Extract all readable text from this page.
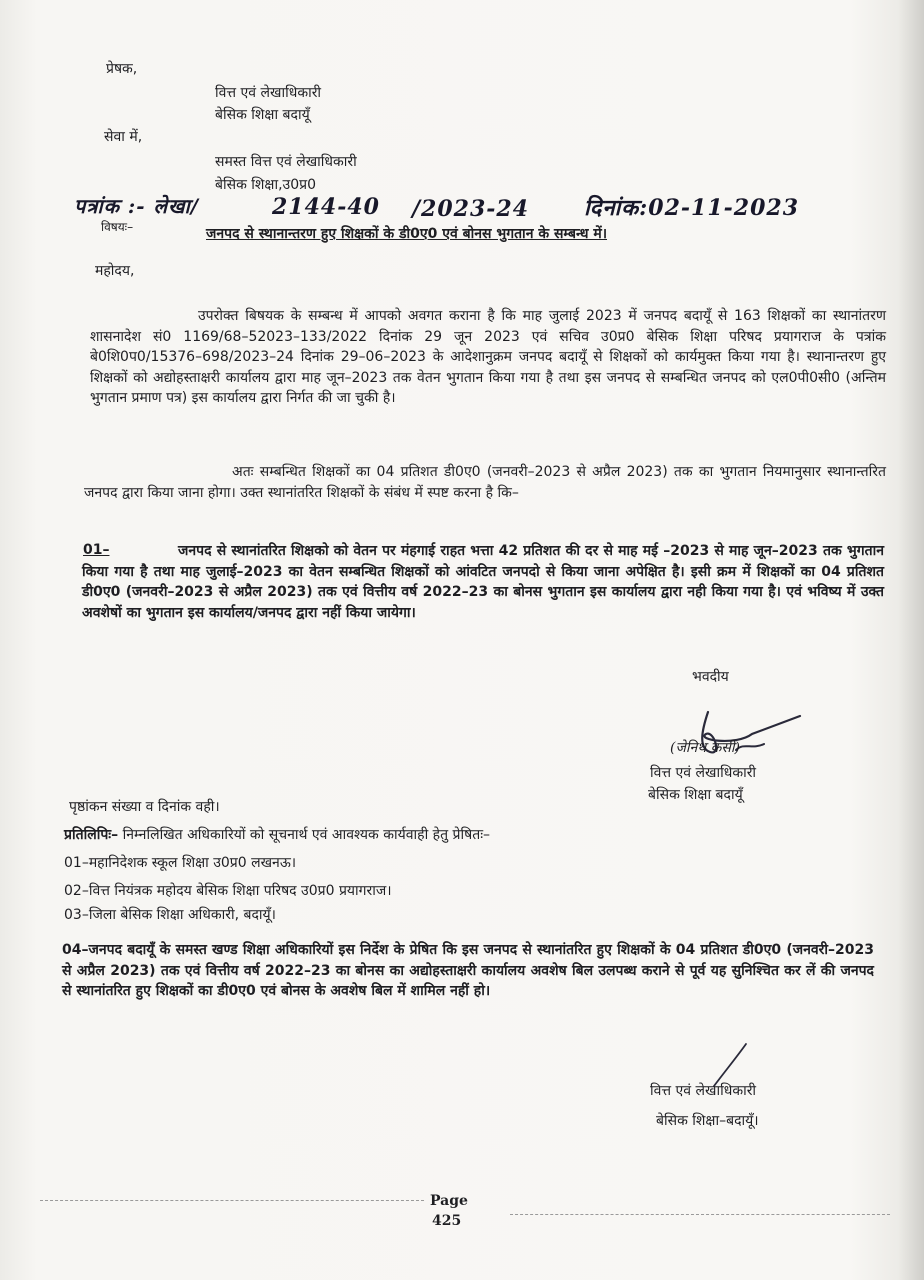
प्रेषक,
वित्त एवं लेखाधिकारी
बेसिक शिक्षा बदायूँ
सेवा में,
समस्त वित्त एवं लेखाधिकारी
बेसिक शिक्षा,उ0प्र0
पत्रांक :- लेखा/	2144-40 /2023-24 दिनांक:02-11-2023
विषयः–	जनपद से स्थानान्तरण हुए शिक्षकों के डी0ए0 एवं बोनस भुगतान के सम्बन्ध में।
महोदय,
उपरोक्त बिषयक के सम्बन्ध में आपको अवगत कराना है कि माह जुलाई 2023 में जनपद बदायूँ से 163 शिक्षकों का स्थानांतरण शासनादेश सं0 1169/68–52023–133/2022 दिनांक 29 जून 2023 एवं सचिव उ0प्र0 बेसिक शिक्षा परिषद प्रयागराज के पत्रांक बे0शि0प0/15376–698/2023–24 दिनांक 29–06–2023 के आदेशानुक्रम जनपद बदायूँ से शिक्षकों को कार्यमुक्त किया गया है। स्थानान्तरण हुए शिक्षकों को अद्योहस्ताक्षरी कार्यालय द्वारा माह जून–2023 तक वेतन भुगतान किया गया है तथा इस जनपद से सम्बन्धित जनपद को एल0पी0सी0 (अन्तिम भुगतान प्रमाण पत्र) इस कार्यालय द्वारा निर्गत की जा चुकी है।
अतः सम्बन्धित शिक्षकों का 04 प्रतिशत डी0ए0 (जनवरी–2023 से अप्रैल 2023) तक का भुगतान नियमानुसार स्थानान्तरित जनपद द्वारा किया जाना होगा। उक्त स्थानांतरित शिक्षकों के संबंध में स्पष्ट करना है कि–
01–	जनपद से स्थानांतरित शिक्षको को वेतन पर मंहगाई राहत भत्ता 42 प्रतिशत की दर से माह मई –2023 से माह जून–2023 तक भुगतान किया गया है तथा माह जुलाई–2023 का वेतन सम्बन्धित शिक्षकों को आंवटित जनपदो से किया जाना अपेक्षित है। इसी क्रम में शिक्षकों का 04 प्रतिशत डी0ए0 (जनवरी–2023 से अप्रैल 2023) तक एवं वित्तीय वर्ष 2022–23 का बोनस भुगतान इस कार्यालय द्वारा नही किया गया है। एवं भविष्य में उक्त अवशेषों का भुगतान इस कार्यालय/जनपद द्वारा नहीं किया जायेगा।
भवदीय
(जेनिथ कसी)
वित्त एवं लेखाधिकारी
बेसिक शिक्षा बदायूँ
पृष्ठांकन संख्या व दिनांक वही।
प्रतिलिपिः– निम्नलिखित अधिकारियों को सूचनार्थ एवं आवश्यक कार्यवाही हेतु प्रेषितः–
01–महानिदेशक स्कूल शिक्षा उ0प्र0 लखनऊ।
02–वित्त नियंत्रक महोदय बेसिक शिक्षा परिषद उ0प्र0 प्रयागराज।
03–जिला बेसिक शिक्षा अधिकारी, बदायूँ।
04–जनपद बदायूँ के समस्त खण्ड शिक्षा अधिकारियों इस निर्देश के प्रेषित कि इस जनपद से स्थानांतरित हुए शिक्षकों के 04 प्रतिशत डी0ए0 (जनवरी–2023 से अप्रैल 2023) तक एवं वित्तीय वर्ष 2022–23 का बोनस का अद्योहस्ताक्षरी कार्यालय अवशेष बिल उलपब्ध कराने से पूर्व यह सुनिश्चित कर लें की जनपद से स्थानांतरित हुए शिक्षकों का डी0ए0 एवं बोनस के अवशेष बिल में शामिल नहीं हो।
वित्त एवं लेखाधिकारी
बेसिक शिक्षा–बदायूँ।
Page
425
